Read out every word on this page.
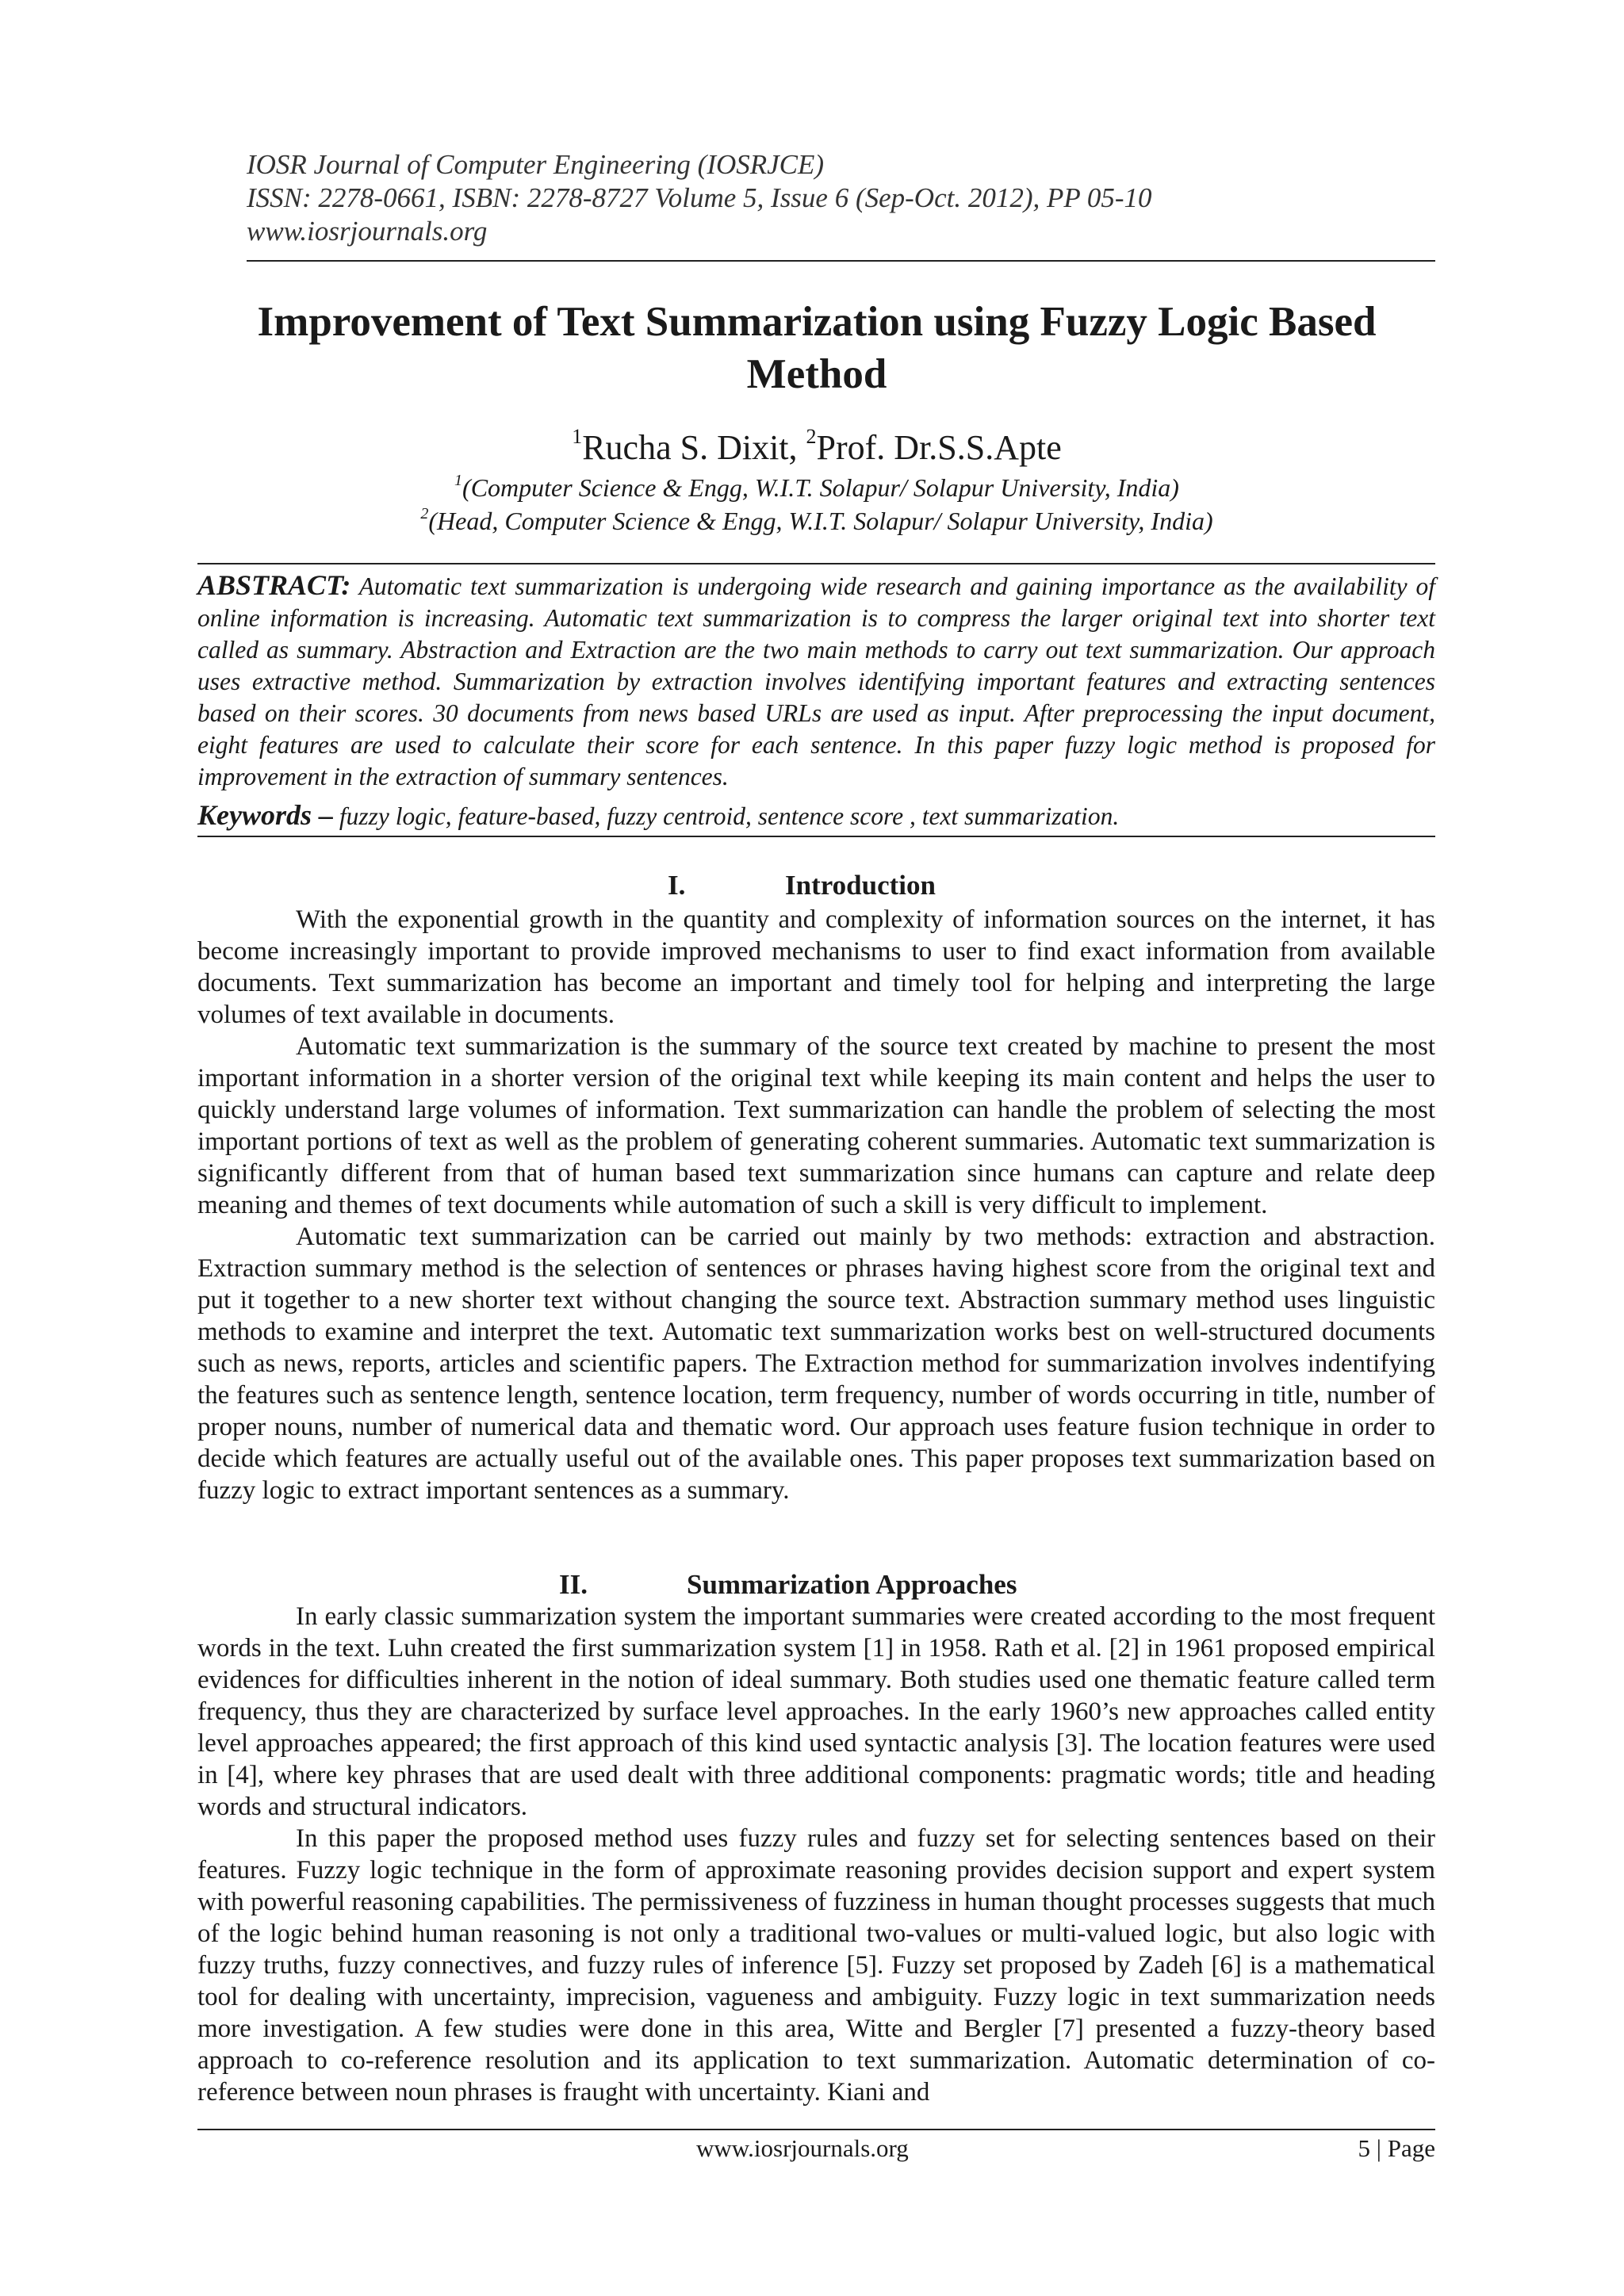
IOSR Journal of Computer Engineering (IOSRJCE)
ISSN: 2278-0661, ISBN: 2278-8727 Volume 5, Issue 6 (Sep-Oct. 2012), PP 05-10
www.iosrjournals.org
Improvement of Text Summarization using Fuzzy Logic Based
Method
$^1$Rucha S. Dixit, $^2$Prof. Dr.S.S.Apte
$^1$(Computer Science & Engg, W.I.T. Solapur/ Solapur University, India)
$^2$(Head, Computer Science & Engg, W.I.T. Solapur/ Solapur University, India)
ABSTRACT: Automatic text summarization is undergoing wide research and gaining importance as the availability of online information is increasing. Automatic text summarization is to compress the larger original text into shorter text called as summary. Abstraction and Extraction are the two main methods to carry out text summarization. Our approach uses extractive method. Summarization by extraction involves identifying important features and extracting sentences based on their scores. 30 documents from news based URLs are used as input. After preprocessing the input document, eight features are used to calculate their score for each sentence. In this paper fuzzy logic method is proposed for improvement in the extraction of summary sentences.
Keywords – fuzzy logic, feature-based, fuzzy centroid, sentence score , text summarization.
I.	Introduction

With the exponential growth in the quantity and complexity of information sources on the internet, it has become increasingly important to provide improved mechanisms to user to find exact information from available documents. Text summarization has become an important and timely tool for helping and interpreting the large volumes of text available in documents.

Automatic text summarization is the summary of the source text created by machine to present the most important information in a shorter version of the original text while keeping its main content and helps the user to quickly understand large volumes of information. Text summarization can handle the problem of selecting the most important portions of text as well as the problem of generating coherent summaries. Automatic text summarization is significantly different from that of human based text summarization since humans can capture and relate deep meaning and themes of text documents while automation of such a skill is very difficult to implement.

Automatic text summarization can be carried out mainly by two methods: extraction and abstraction. Extraction summary method is the selection of sentences or phrases having highest score from the original text and put it together to a new shorter text without changing the source text. Abstraction summary method uses linguistic methods to examine and interpret the text. Automatic text summarization works best on well-structured documents such as news, reports, articles and scientific papers. The Extraction method for summarization involves indentifying the features such as sentence length, sentence location, term frequency, number of words occurring in title, number of proper nouns, number of numerical data and thematic word. Our approach uses feature fusion technique in order to decide which features are actually useful out of the available ones. This paper proposes text summarization based on fuzzy logic to extract important sentences as a summary.

II.	Summarization Approaches

In early classic summarization system the important summaries were created according to the most frequent words in the text. Luhn created the first summarization system [1] in 1958. Rath et al. [2] in 1961 proposed empirical evidences for difficulties inherent in the notion of ideal summary. Both studies used one thematic feature called term frequency, thus they are characterized by surface level approaches. In the early 1960’s new approaches called entity level approaches appeared; the first approach of this kind used syntactic analysis [3]. The location features were used in [4], where key phrases that are used dealt with three additional components: pragmatic words; title and heading words and structural indicators.

In this paper the proposed method uses fuzzy rules and fuzzy set for selecting sentences based on their features. Fuzzy logic technique in the form of approximate reasoning provides decision support and expert system with powerful reasoning capabilities. The permissiveness of fuzziness in human thought processes suggests that much of the logic behind human reasoning is not only a traditional two-values or multi-valued logic, but also logic with fuzzy truths, fuzzy connectives, and fuzzy rules of inference [5]. Fuzzy set proposed by Zadeh [6] is a mathematical tool for dealing with uncertainty, imprecision, vagueness and ambiguity. Fuzzy logic in text summarization needs more investigation. A few studies were done in this area, Witte and Bergler [7] presented a fuzzy-theory based approach to co-reference resolution and its application to text summarization. Automatic determination of co-reference between noun phrases is fraught with uncertainty. Kiani and

www.iosrjournals.org	5 | Page
